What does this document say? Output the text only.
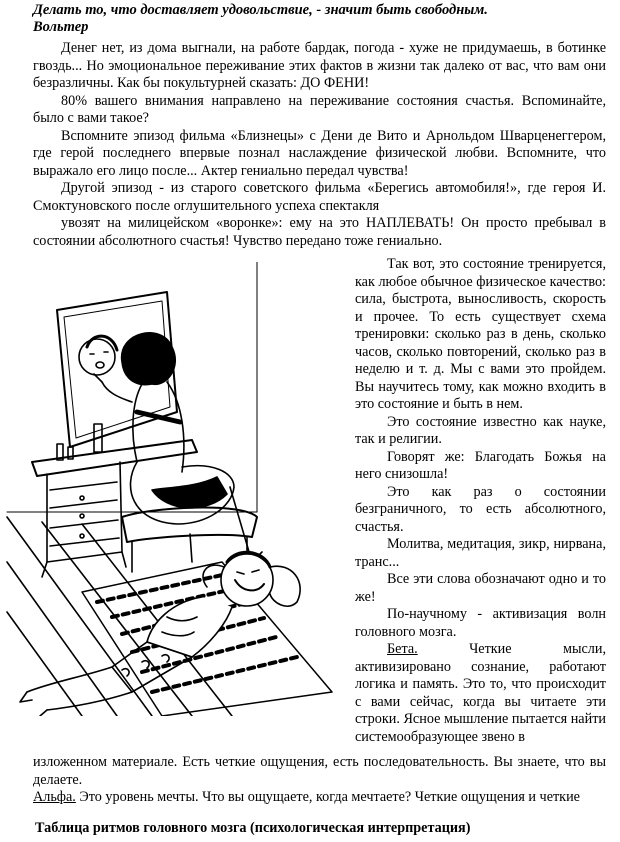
Делать то, что доставляет удовольствие, - значит быть свободным.
Вольтер

Денег нет, из дома выгнали, на работе бардак, погода - хуже не придумаешь, в ботинке гвоздь... Но эмоциональное переживание этих фактов в жизни так далеко от вас, что вам они безразличны. Как бы покультурней сказать: ДО ФЕНИ!

80% вашего внимания направлено на переживание состояния счастья. Вспоминайте, было с вами такое?

Вспомните эпизод фильма «Близнецы» с Дени де Вито и Арнольдом Шварценеггером, где герой последнего впервые познал наслаждение физической любви. Вспомните, что выражало его лицо после... Актер гениально передал чувства!

Другой эпизод - из старого советского фильма «Берегись автомобиля!», где героя И. Смоктуновского после оглушительного успеха спектакля

увозят на милицейском «воронке»: ему на это НАПЛЕВАТЬ! Он просто пребывал в состоянии абсолютного счастья! Чувство передано тоже гениально.

Так вот, это состояние тренируется, как любое обычное физическое качество: сила, быстрота, выносливость, скорость и прочее. То есть существует схема тренировки: сколько раз в день, сколько часов, сколько повторений, сколько раз в неделю и т. д. Мы с вами это пройдем. Вы научитесь тому, как можно входить в это состояние и быть в нем.

Это состояние известно как науке, так и религии.

Говорят же: Благодать Божья на него снизошла!

Это как раз о состоянии безграничного, то есть абсолютного, счастья.

Молитва, медитация, зикр, нирвана, транс...

Все эти слова обозначают одно и то же!

По-научному - активизация волн головного мозга.

Бета. Четкие мысли, активизировано сознание, работают логика и память. Это то, что происходит с вами сейчас, когда вы читаете эти строки. Ясное мышление пытается найти системообразующее звено в

изложенном материале. Есть четкие ощущения, есть последовательность. Вы знаете, что вы делаете.

Альфа. Это уровень мечты. Что вы ощущаете, когда мечтаете? Четкие ощущения и четкие

Таблица ритмов головного мозга (психологическая интерпретация)
